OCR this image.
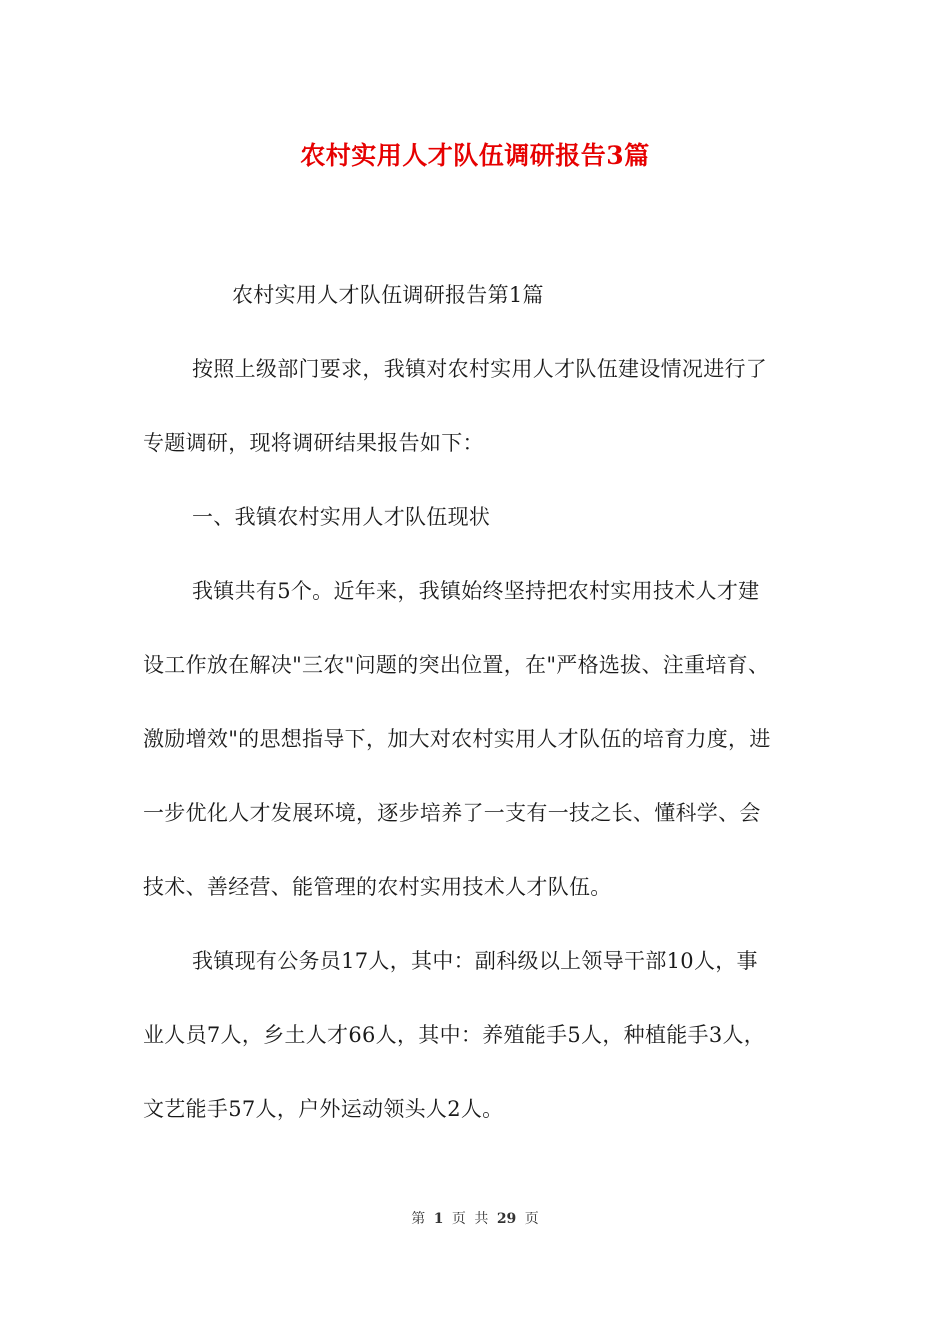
农村实用人才队伍调研报告3篇
农村实用人才队伍调研报告第1篇
按照上级部门要求，我镇对农村实用人才队伍建设情况进行了
专题调研，现将调研结果报告如下：
一、我镇农村实用人才队伍现状
我镇共有5个。近年来，我镇始终坚持把农村实用技术人才建
设工作放在解决"三农"问题的突出位置，在"严格选拔、注重培育、
激励增效"的思想指导下，加大对农村实用人才队伍的培育力度，进
一步优化人才发展环境，逐步培养了一支有一技之长、懂科学、会
技术、善经营、能管理的农村实用技术人才队伍。
我镇现有公务员17人，其中：副科级以上领导干部10人，事
业人员7人，乡土人才66人，其中：养殖能手5人，种植能手3人，
文艺能手57人，户外运动领头人2人。
第 1 页 共 29 页
